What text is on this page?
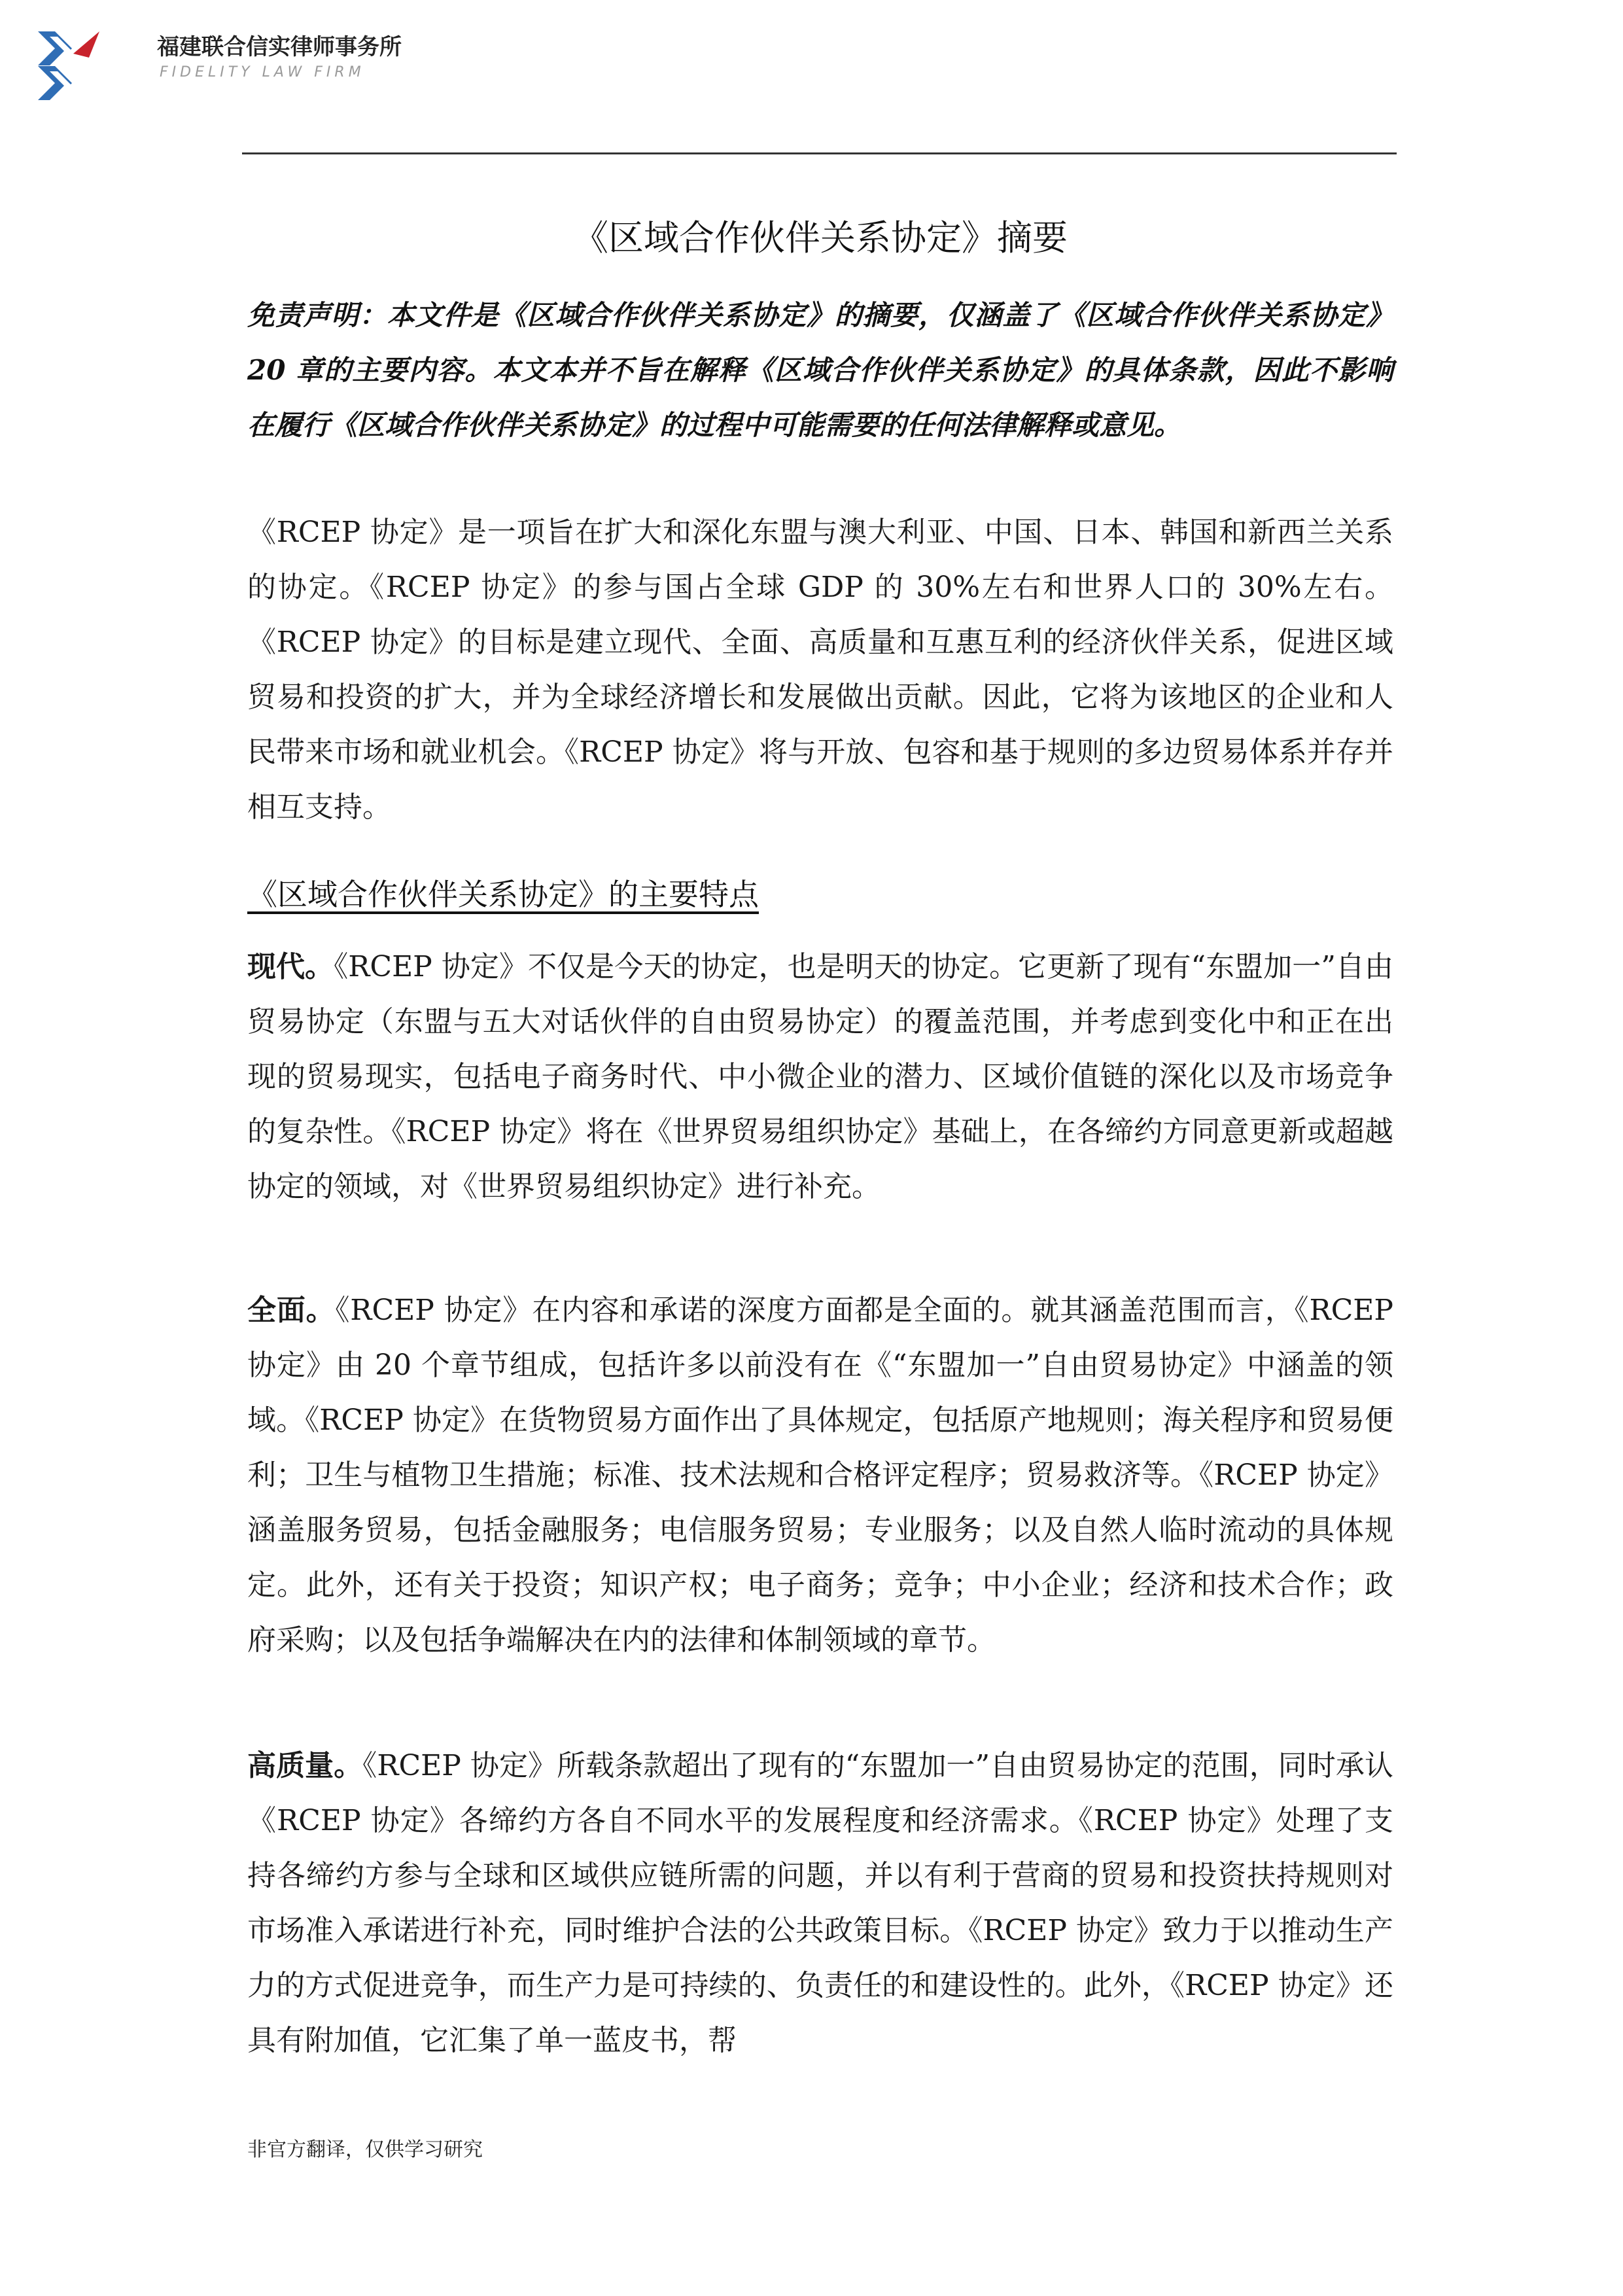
福建联合信实律师事务所
FIDELITY LAW FIRM
《区域合作伙伴关系协定》摘要

免责声明：本文件是《区域合作伙伴关系协定》的摘要，仅涵盖了《区域合作伙伴关系协定》20 章的主要内容。本文本并不旨在解释《区域合作伙伴关系协定》的具体条款，因此不影响在履行《区域合作伙伴关系协定》的过程中可能需要的任何法律解释或意见。

《RCEP 协定》是一项旨在扩大和深化东盟与澳大利亚、中国、日本、韩国和新西兰关系的协定。《RCEP 协定》的参与国占全球 GDP 的 30%左右和世界人口的 30%左右。《RCEP 协定》的目标是建立现代、全面、高质量和互惠互利的经济伙伴关系，促进区域贸易和投资的扩大，并为全球经济增长和发展做出贡献。因此，它将为该地区的企业和人民带来市场和就业机会。《RCEP 协定》将与开放、包容和基于规则的多边贸易体系并存并相互支持。

《区域合作伙伴关系协定》的主要特点

现代。《RCEP 协定》不仅是今天的协定，也是明天的协定。它更新了现有“东盟加一”自由贸易协定（东盟与五大对话伙伴的自由贸易协定）的覆盖范围，并考虑到变化中和正在出现的贸易现实，包括电子商务时代、中小微企业的潜力、区域价值链的深化以及市场竞争的复杂性。《RCEP 协定》将在《世界贸易组织协定》基础上，在各缔约方同意更新或超越协定的领域，对《世界贸易组织协定》进行补充。

全面。《RCEP 协定》在内容和承诺的深度方面都是全面的。就其涵盖范围而言，《RCEP 协定》由 20 个章节组成，包括许多以前没有在《“东盟加一”自由贸易协定》中涵盖的领域。《RCEP 协定》在货物贸易方面作出了具体规定，包括原产地规则；海关程序和贸易便利；卫生与植物卫生措施；标准、技术法规和合格评定程序；贸易救济等。《RCEP 协定》涵盖服务贸易，包括金融服务；电信服务贸易；专业服务；以及自然人临时流动的具体规定。此外，还有关于投资；知识产权；电子商务；竞争；中小企业；经济和技术合作；政府采购；以及包括争端解决在内的法律和体制领域的章节。

高质量。《RCEP 协定》所载条款超出了现有的“东盟加一”自由贸易协定的范围，同时承认《RCEP 协定》各缔约方各自不同水平的发展程度和经济需求。《RCEP 协定》处理了支持各缔约方参与全球和区域供应链所需的问题，并以有利于营商的贸易和投资扶持规则对市场准入承诺进行补充，同时维护合法的公共政策目标。《RCEP 协定》致力于以推动生产力的方式促进竞争，而生产力是可持续的、负责任的和建设性的。此外，《RCEP 协定》还具有附加值，它汇集了单一蓝皮书，帮

非官方翻译，仅供学习研究
